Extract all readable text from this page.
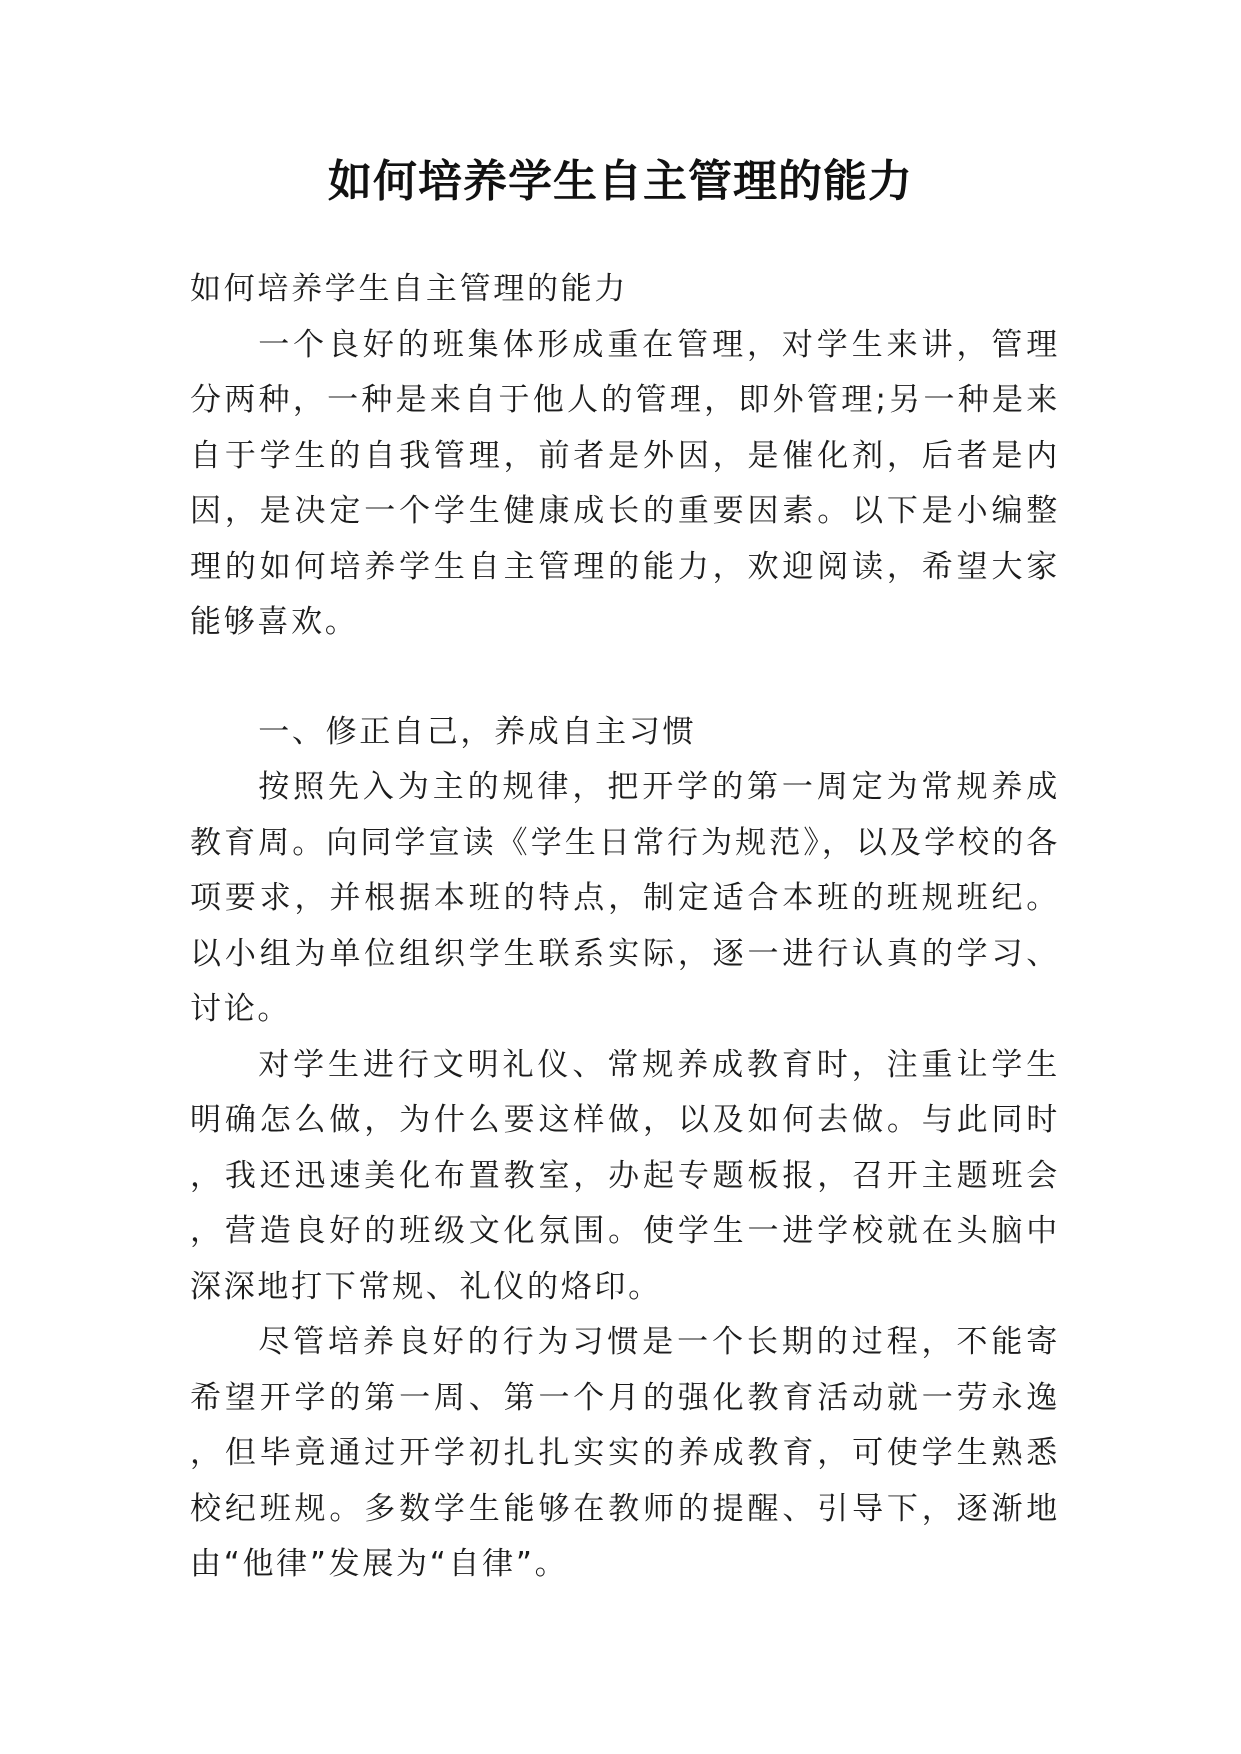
如何培养学生自主管理的能力

如何培养学生自主管理的能力

一个良好的班集体形成重在管理，对学生来讲，管理分两种，一种是来自于他人的管理，即外管理;另一种是来自于学生的自我管理，前者是外因，是催化剂，后者是内因，是决定一个学生健康成长的重要因素。以下是小编整理的如何培养学生自主管理的能力，欢迎阅读，希望大家能够喜欢。

一、修正自己，养成自主习惯

按照先入为主的规律，把开学的第一周定为常规养成教育周。向同学宣读《学生日常行为规范》，以及学校的各项要求，并根据本班的特点，制定适合本班的班规班纪。以小组为单位组织学生联系实际，逐一进行认真的学习、讨论。

对学生进行文明礼仪、常规养成教育时，注重让学生明确怎么做，为什么要这样做，以及如何去做。与此同时，我还迅速美化布置教室，办起专题板报，召开主题班会，营造良好的班级文化氛围。使学生一进学校就在头脑中深深地打下常规、礼仪的烙印。

尽管培养良好的行为习惯是一个长期的过程，不能寄希望开学的第一周、第一个月的强化教育活动就一劳永逸，但毕竟通过开学初扎扎实实的养成教育，可使学生熟悉校纪班规。多数学生能够在教师的提醒、引导下，逐渐地由“他律”发展为“自律”。
